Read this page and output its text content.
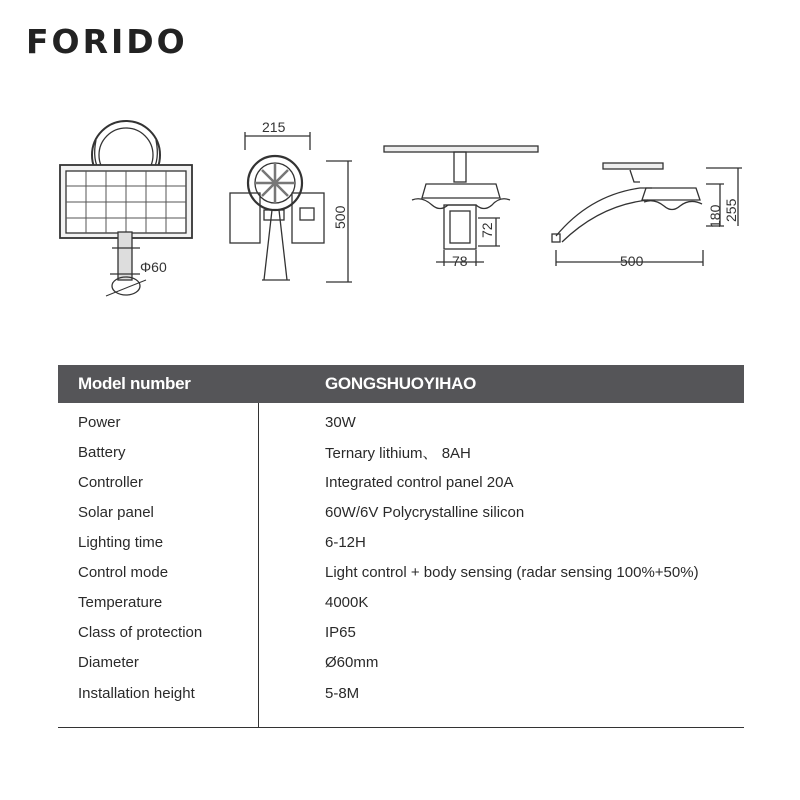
FORIDO
Φ60
215
500
72
78	500
180 255
Model number	GONGSHUOYIHAO
Power	30W
Battery	Ternary lithium、 8AH
Controller	Integrated control panel 20A
Solar panel	60W/6V Polycrystalline silicon
Lighting time	6-12H
Control mode	Light control + body sensing (radar sensing 100%+50%)
Temperature	4000K
Class of protection	IP65
Diameter	Ø60mm
Installation height	5-8M
